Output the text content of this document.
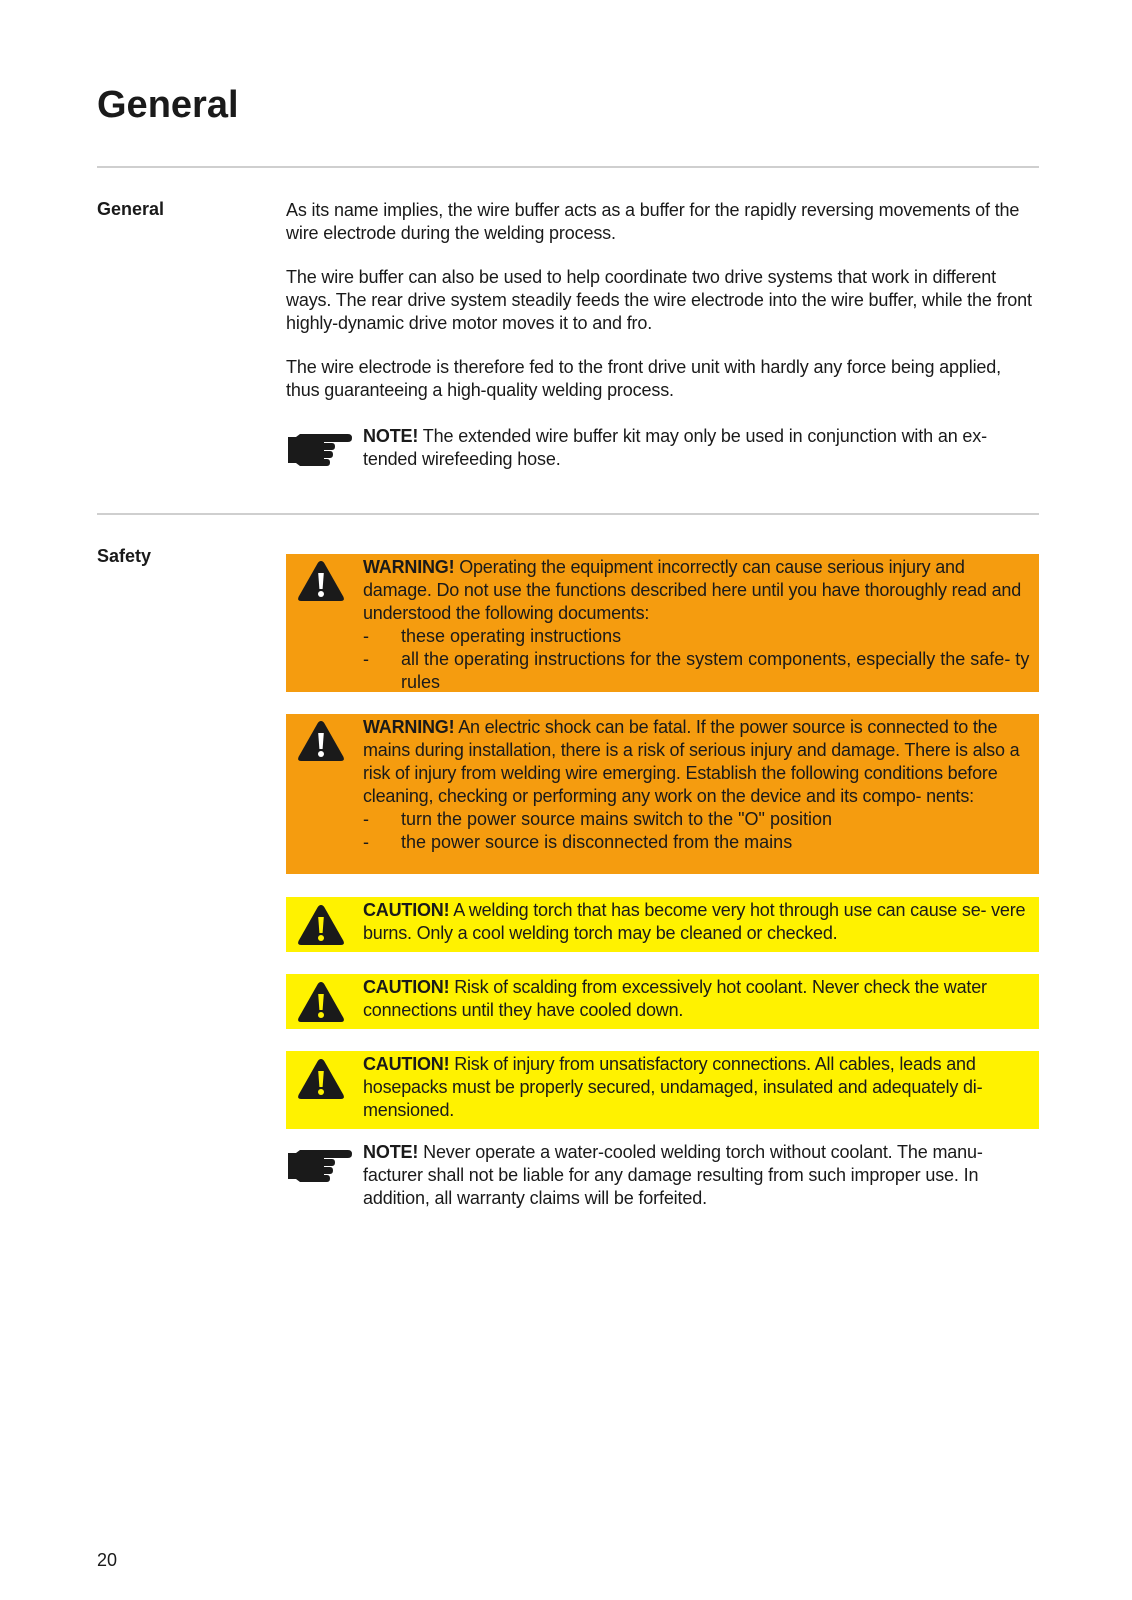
General
General	As its name implies, the wire buffer acts as a buffer for the rapidly reversing movements of the wire electrode during the welding process.

The wire buffer can also be used to help coordinate two drive systems that work in different ways. The rear drive system steadily feeds the wire electrode into the wire buffer, while the front highly-dynamic drive motor moves it to and fro.

The wire electrode is therefore fed to the front drive unit with hardly any force being applied, thus guaranteeing a high-quality welding process.

NOTE! The extended wire buffer kit may only be used in conjunction with an ex- tended wirefeeding hose.
Safety
WARNING! Operating the equipment incorrectly can cause serious injury and damage. Do not use the functions described here until you have thoroughly read and understood the following documents:
- these operating instructions
- all the operating instructions for the system components, especially the safe- ty rules
WARNING! An electric shock can be fatal. If the power source is connected to the mains during installation, there is a risk of serious injury and damage. There is also a risk of injury from welding wire emerging. Establish the following conditions before cleaning, checking or performing any work on the device and its compo- nents:
- turn the power source mains switch to the "O" position
- the power source is disconnected from the mains
CAUTION! A welding torch that has become very hot through use can cause se- vere burns. Only a cool welding torch may be cleaned or checked.
CAUTION! Risk of scalding from excessively hot coolant. Never check the water connections until they have cooled down.
CAUTION! Risk of injury from unsatisfactory connections. All cables, leads and hosepacks must be properly secured, undamaged, insulated and adequately di- mensioned.
NOTE! Never operate a water-cooled welding torch without coolant. The manu- facturer shall not be liable for any damage resulting from such improper use. In addition, all warranty claims will be forfeited.
20
